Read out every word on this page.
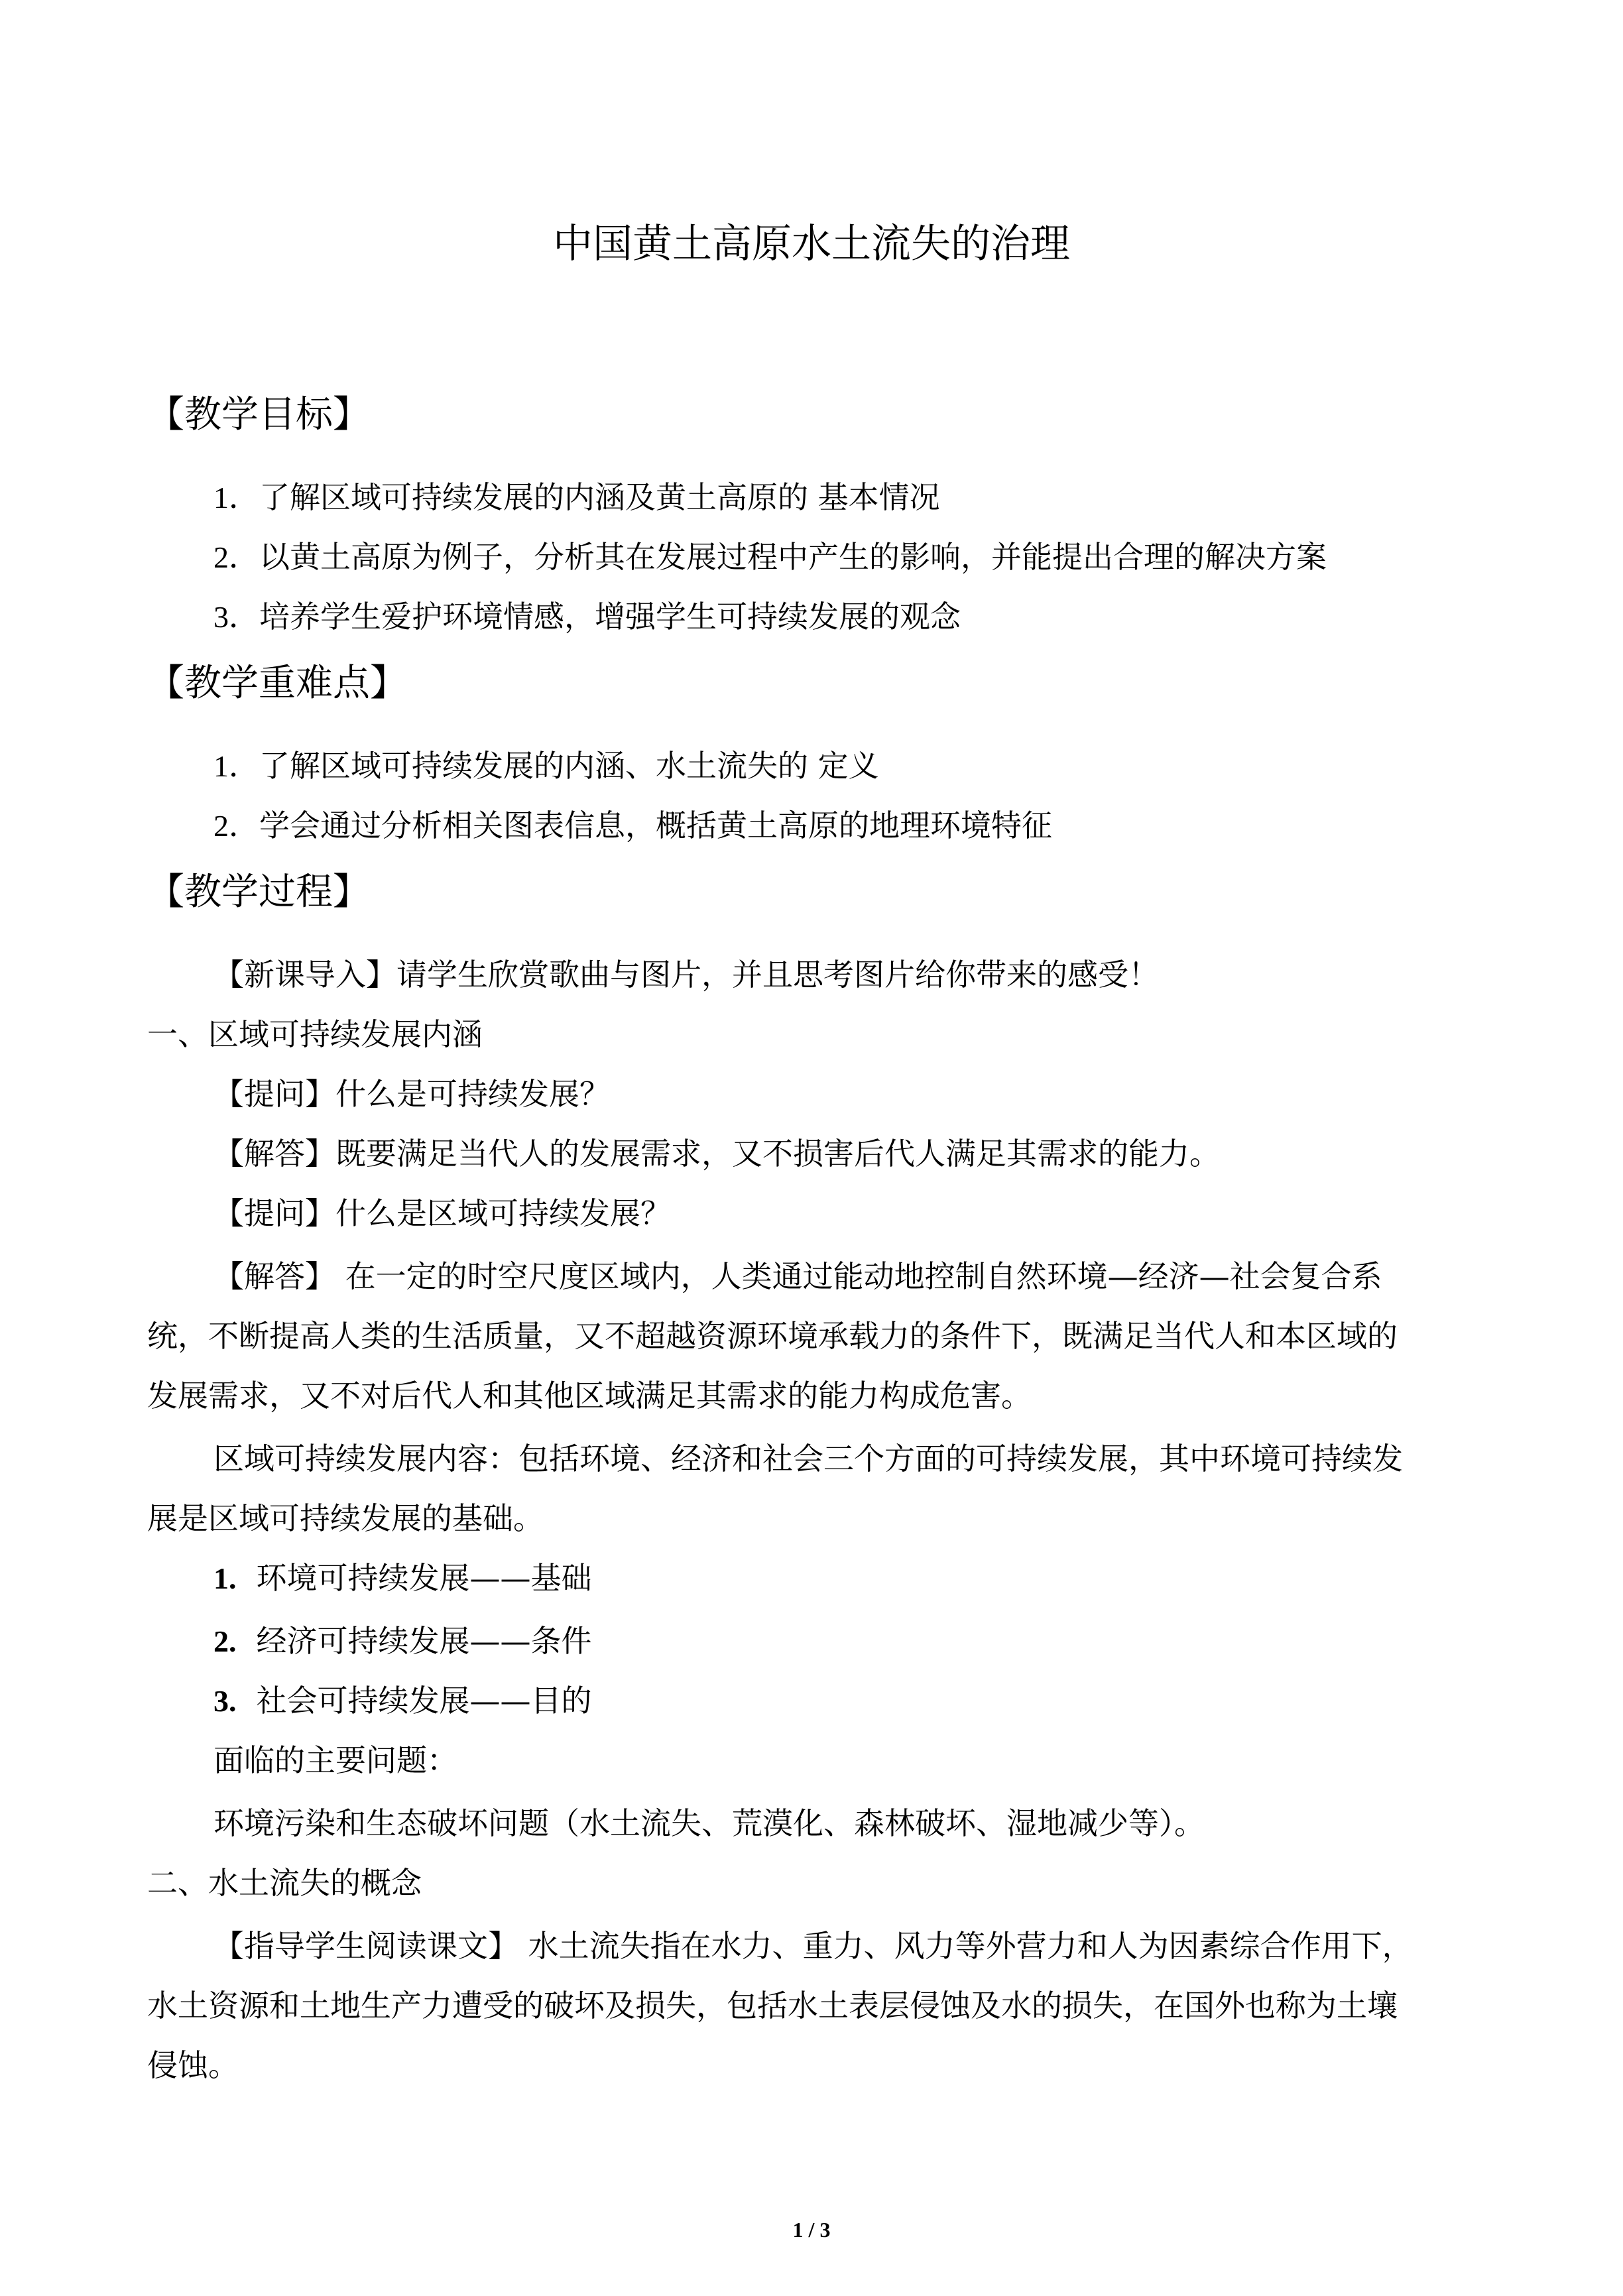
中国黄土高原水土流失的治理
【教学目标】
1．了解区域可持续发展的内涵及黄土高原的 基本情况
2．以黄土高原为例子，分析其在发展过程中产生的影响，并能提出合理的解决方案
3．培养学生爱护环境情感，增强学生可持续发展的观念
【教学重难点】
1．了解区域可持续发展的内涵、水土流失的 定义
2．学会通过分析相关图表信息，概括黄土高原的地理环境特征
【教学过程】
【新课导入】请学生欣赏歌曲与图片，并且思考图片给你带来的感受！
一、区域可持续发展内涵
【提问】什么是可持续发展？
【解答】既要满足当代人的发展需求，又不损害后代人满足其需求的能力。
【提问】什么是区域可持续发展？
【解答】 在一定的时空尺度区域内，人类通过能动地控制自然环境—经济—社会复合系
统，不断提高人类的生活质量，又不超越资源环境承载力的条件下，既满足当代人和本区域的
发展需求，又不对后代人和其他区域满足其需求的能力构成危害。
区域可持续发展内容：包括环境、经济和社会三个方面的可持续发展，其中环境可持续发
展是区域可持续发展的基础。
1. 环境可持续发展——基础
2. 经济可持续发展——条件
3. 社会可持续发展——目的
面临的主要问题：
环境污染和生态破坏问题（水土流失、荒漠化、森林破坏、湿地减少等）。
二、水土流失的概念
【指导学生阅读课文】 水土流失指在水力、重力、风力等外营力和人为因素综合作用下，
水土资源和土地生产力遭受的破坏及损失，包括水土表层侵蚀及水的损失，在国外也称为土壤
侵蚀。
1 / 3
